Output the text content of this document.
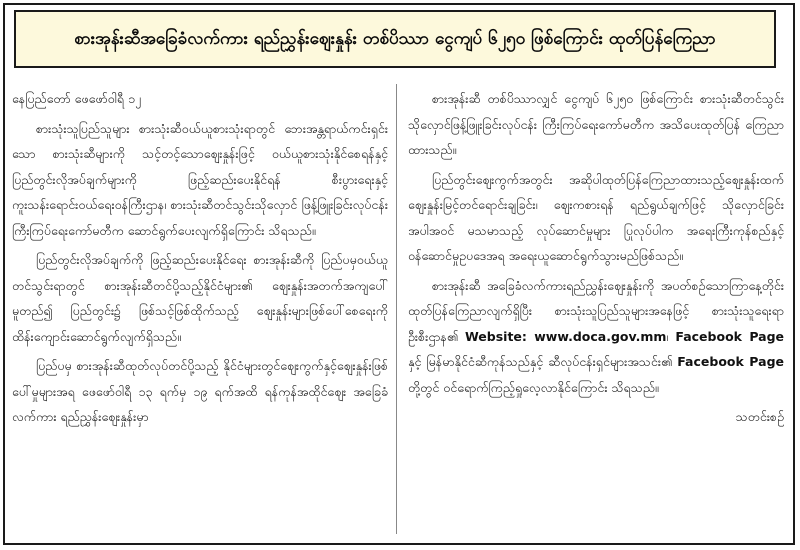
စားအုန်းဆီအခြေခံလက်ကား ရည်ညွှန်းဈေးနှုန်း တစ်ပိဿာ ငွေကျပ် ၆၂၅၀ ဖြစ်ကြောင်း ထုတ်ပြန်ကြေညာ

နေပြည်တော် ဖေဖော်ဝါရီ ၁၂

စားသုံးသူပြည်သူများ စားသုံးဆီဝယ်ယူစားသုံးရာတွင် ဘေးအန္တရာယ်ကင်းရှင်းသော စားသုံးဆီများကို သင့်တင့်သောဈေးနှုန်းဖြင့် ဝယ်ယူစားသုံးနိုင်စေရန်နှင့် ပြည်တွင်းလိုအပ်ချက်များကို ဖြည့်ဆည်းပေးနိုင်ရန် စီးပွားရေးနှင့် ကူးသန်းရောင်းဝယ်ရေးဝန်ကြီးဌာန၊ စားသုံးဆီတင်သွင်းသိုလှောင် ဖြန့်ဖြူးခြင်းလုပ်ငန်း ကြီးကြပ်ရေးကော်မတီက ဆောင်ရွက်ပေးလျက်ရှိကြောင်း သိရသည်။

ပြည်တွင်းလိုအပ်ချက်ကို ဖြည့်ဆည်းပေးနိုင်ရေး စားအုန်းဆီကို ပြည်ပမှဝယ်ယူ တင်သွင်းရာတွင် စားအုန်းဆီတင်ပို့သည့်နိုင်ငံများ၏ ဈေးနှုန်းအတက်အကျပေါ်မူတည်၍ ပြည်တွင်း၌ ဖြစ်သင့်ဖြစ်ထိုက်သည့် ဈေးနှုန်းများဖြစ်ပေါ်စေရေးကို ထိန်းကျောင်းဆောင်ရွက်လျက်ရှိသည်။

ပြည်ပမှ စားအုန်းဆီထုတ်လုပ်တင်ပို့သည့် နိုင်ငံများတွင်ဈေးကွက်နှင့်ဈေးနှုန်းဖြစ်ပေါ်မှုများအရ ဖေဖော်ဝါရီ ၁၃ ရက်မှ ၁၉ ရက်အထိ ရန်ကုန်အထိုင်ဈေး အခြေခံလက်ကား ရည်ညွှန်းဈေးနှုန်းမှာ

စားအုန်းဆီ တစ်ပိဿာလျှင် ငွေကျပ် ၆၂၅၀ ဖြစ်ကြောင်း စားသုံးဆီတင်သွင်းသိုလှောင်ဖြန့်ဖြူးခြင်းလုပ်ငန်း ကြီးကြပ်ရေးကော်မတီက အသိပေးထုတ်ပြန် ကြေညာထားသည်။

ပြည်တွင်းဈေးကွက်အတွင်း အဆိုပါထုတ်ပြန်ကြေညာထားသည့်ဈေးနှုန်းထက် ဈေးနှုန်းမြင့်တင်ရောင်းချခြင်း၊ ဈေးကစားရန် ရည်ရွယ်ချက်ဖြင့် သိုလှောင်ခြင်းအပါအဝင် မသမာသည့် လုပ်ဆောင်မှုများ ပြုလုပ်ပါက အရေးကြီးကုန်စည်နှင့်ဝန်ဆောင်မှုဥပဒေအရ အရေးယူဆောင်ရွက်သွားမည်ဖြစ်သည်။

စားအုန်းဆီ အခြေခံလက်ကားရည်ညွှန်းဈေးနှုန်းကို အပတ်စဉ်သောကြာနေ့တိုင်း ထုတ်ပြန်ကြေညာလျက်ရှိပြီး စားသုံးသူပြည်သူများအနေဖြင့် စားသုံးသူရေးရာဦးစီးဌာန၏ Website: www.doca.gov.mm၊ Facebook Page နှင့် မြန်မာနိုင်ငံဆီကုန်သည်နှင့် ဆီလုပ်ငန်းရှင်များအသင်း၏ Facebook Page တို့တွင် ဝင်ရောက်ကြည့်ရှုလေ့လာနိုင်ကြောင်း သိရသည်။

သတင်းစဉ်
